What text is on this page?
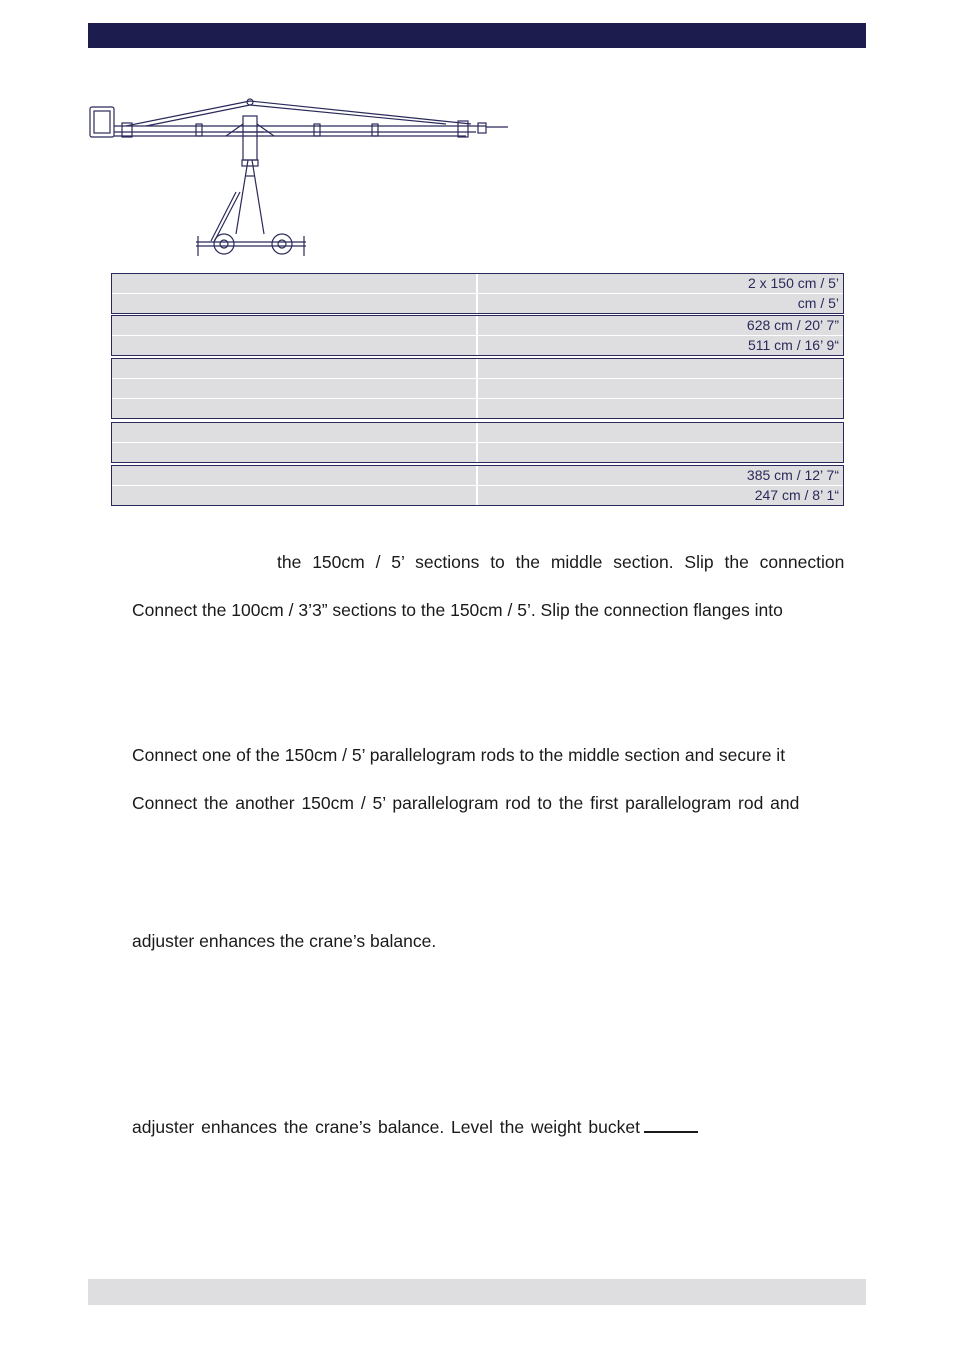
2 x 150 cm / 5’
cm / 5’
628 cm / 20’ 7”
511 cm / 16’ 9“
385 cm / 12’ 7“
247 cm / 8’ 1“
the 150cm / 5’ sections to the middle section. Slip the connection
Connect the 100cm / 3’3” sections to the 150cm / 5’. Slip the connection flanges into
Connect one of the 150cm / 5’ parallelogram rods to the middle section and secure it
Connect the another 150cm / 5’ parallelogram rod to the first parallelogram rod and
adjuster enhances the crane’s balance.
adjuster enhances the crane’s balance. Level the weight bucket
